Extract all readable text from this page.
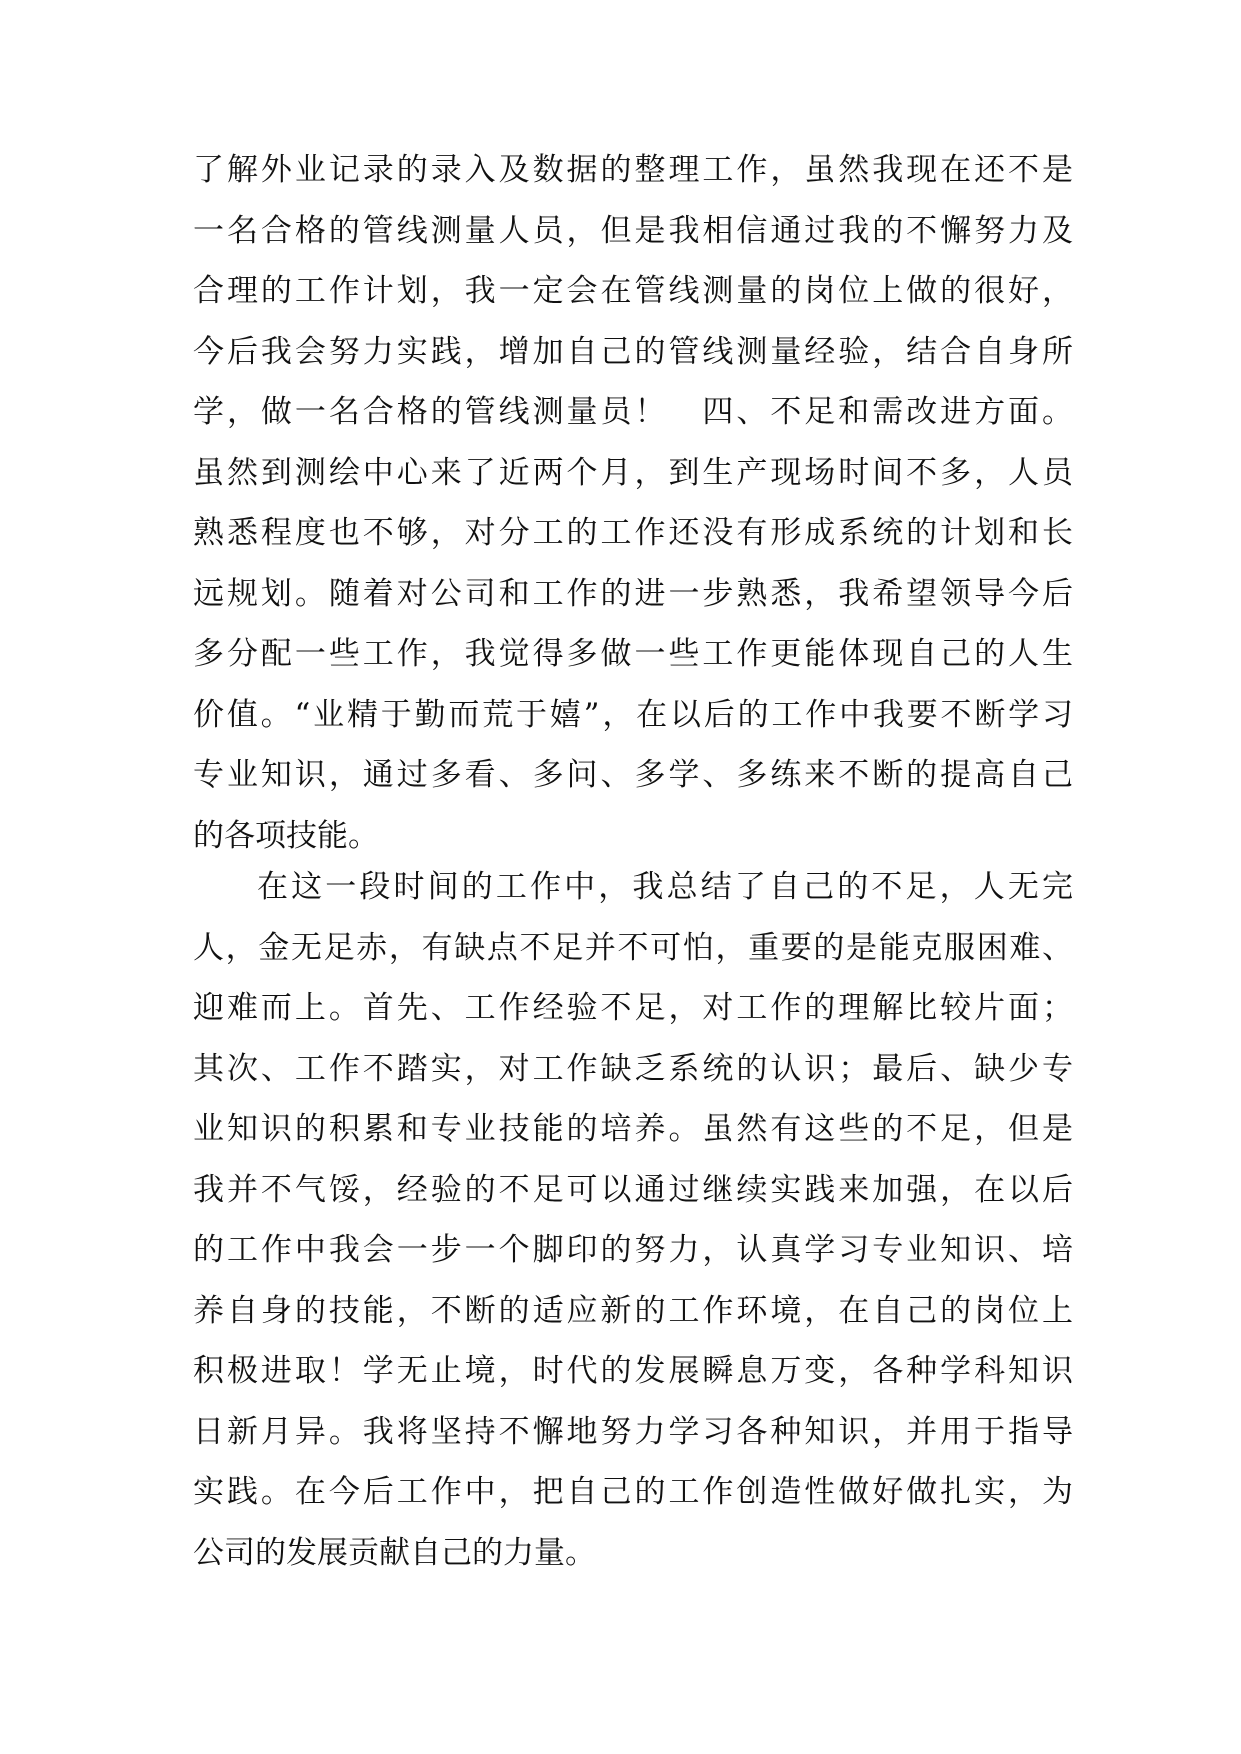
了解外业记录的录入及数据的整理工作，虽然我现在还不是
一名合格的管线测量人员，但是我相信通过我的不懈努力及
合理的工作计划，我一定会在管线测量的岗位上做的很好，
今后我会努力实践，增加自己的管线测量经验，结合自身所
学，做一名合格的管线测量员！　四、不足和需改进方面。
虽然到测绘中心来了近两个月，到生产现场时间不多，人员
熟悉程度也不够，对分工的工作还没有形成系统的计划和长
远规划。随着对公司和工作的进一步熟悉，我希望领导今后
多分配一些工作，我觉得多做一些工作更能体现自己的人生
价值。“业精于勤而荒于嬉”，在以后的工作中我要不断学习
专业知识，通过多看、多问、多学、多练来不断的提高自己
的各项技能。
在这一段时间的工作中，我总结了自己的不足，人无完
人，金无足赤，有缺点不足并不可怕，重要的是能克服困难、
迎难而上。首先、工作经验不足，对工作的理解比较片面；
其次、工作不踏实，对工作缺乏系统的认识；最后、缺少专
业知识的积累和专业技能的培养。虽然有这些的不足，但是
我并不气馁，经验的不足可以通过继续实践来加强，在以后
的工作中我会一步一个脚印的努力，认真学习专业知识、培
养自身的技能，不断的适应新的工作环境，在自己的岗位上
积极进取！学无止境，时代的发展瞬息万变，各种学科知识
日新月异。我将坚持不懈地努力学习各种知识，并用于指导
实践。在今后工作中，把自己的工作创造性做好做扎实，为
公司的发展贡献自己的力量。
